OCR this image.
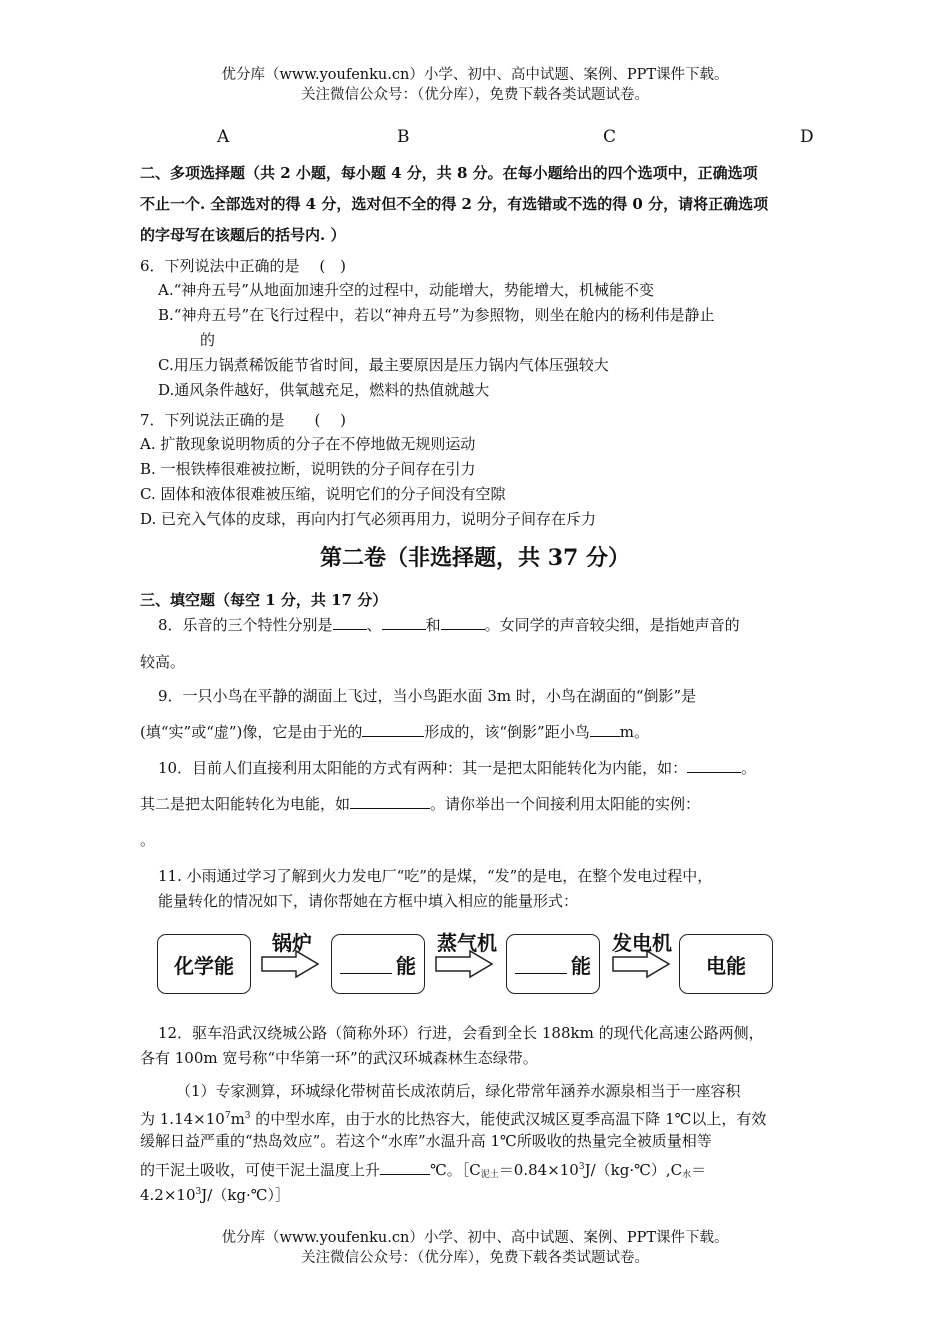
优分库（www.youfenku.cn）小学、初中、高中试题、案例、PPT课件下载。
关注微信公众号：（优分库），免费下载各类试题试卷。
A	B	C	D
二、多项选择题（共 2 小题，每小题 4 分，共 8 分。在每小题给出的四个选项中，正确选项
不止一个. 全部选对的得 4 分，选对但不全的得 2 分，有选错或不选的得 0 分，请将正确选项
的字母写在该题后的括号内. ）
6．下列说法中正确的是　 (　)
A.“神舟五号”从地面加速升空的过程中，动能增大，势能增大，机械能不变
B.“神舟五号”在飞行过程中，若以“神舟五号”为参照物，则坐在舱内的杨利伟是静止
的
C.用压力锅煮稀饭能节省时间，最主要原因是压力锅内气体压强较大
D.通风条件越好，供氧越充足，燃料的热值就越大
7．下列说法正确的是　　(　 )
A. 扩散现象说明物质的分子在不停地做无规则运动
B. 一根铁棒很难被拉断，说明铁的分子间存在引力
C. 固体和液体很难被压缩，说明它们的分子间没有空隙
D. 已充入气体的皮球，再向内打气必须再用力，说明分子间存在斥力
第二卷（非选择题，共 37 分）
三、填空题（每空 1 分，共 17 分）
8．乐音的三个特性分别是 、	和	。女同学的声音较尖细，是指她声音的
较高。
9．一只小鸟在平静的湖面上飞过，当小鸟距水面 3m 时，小鸟在湖面的“倒影”是
(填“实”或“虚”)像，它是由于光的	形成的，该“倒影”距小鸟 m。
10．目前人们直接利用太阳能的方式有两种：其一是把太阳能转化为内能，如：	。
其二是把太阳能转化为电能，如	。请你举出一个间接利用太阳能的实例：
。
11. 小雨通过学习了解到火力发电厂“吃”的是煤，“发”的是电，在整个发电过程中，
能量转化的情况如下，请你帮她在方框中填入相应的能量形式：
化学能	能	能	电能
锅炉	蒸气机	发电机
12．驱车沿武汉绕城公路（简称外环）行进，会看到全长 188km 的现代化高速公路两侧，
各有 100m 宽号称“中华第一环”的武汉环城森林生态绿带。
（1）专家测算，环城绿化带树苗长成浓荫后，绿化带常年涵养水源泉相当于一座容积
为 $1.14\times 10^7m^3$ 的中型水库，由于水的比热容大，能使武汉城区夏季高温下降 1℃以上，有效
缓解日益严重的“热岛效应”。若这个“水库”水温升高 1℃所吸收的热量完全被质量相等
的干泥土吸收，可使干泥土温度上升	℃。$[C_{泥土}=0.84\times 10^3J/(kg\cdot℃),C_水=$
$4.2\times 10^3J/(kg\cdot℃)]$
优分库（www.youfenku.cn）小学、初中、高中试题、案例、PPT课件下载。
关注微信公众号：（优分库），免费下载各类试题试卷。
